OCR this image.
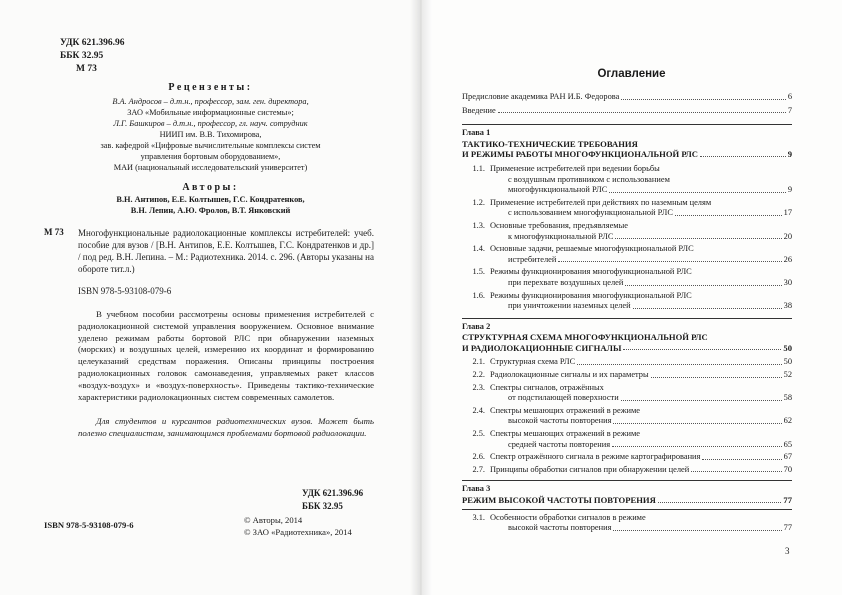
УДК 621.396.96
ББК 32.95
М 73
Рецензенты:
В.А. Андросов – д.т.н., профессор, зам. ген. директора,
ЗАО «Мобильные информационные системы»;
Л.Г. Башкиров – д.т.н., профессор, гл. науч. сотрудник
НИИП им. В.В. Тихомирова,
зав. кафедрой «Цифровые вычислительные комплексы систем
управления бортовым оборудованием»,
МАИ (национальный исследовательский университет)
Авторы:
В.Н. Антипов, Е.Е. Колтышев, Г.С. Кондратенков,
В.Н. Лепин, А.Ю. Фролов, В.Т. Янковский
М 73 Многофункциональные радиолокационные комплексы истребителей: учеб. пособие для вузов / [В.Н. Антипов, Е.Е. Колтышев, Г.С. Кондратенков и др.] / под ред. В.Н. Лепина. – М.: Радиотехника. 2014. с. 296. (Авторы указаны на обороте тит.л.)
ISBN 978-5-93108-079-6

В учебном пособии рассмотрены основы применения истребителей с радиолокационной системой управления вооружением. Основное внимание уделено режимам работы бортовой РЛС при обнаружении наземных (морских) и воздушных целей, измерению их координат и формированию целеуказаний средствам поражения. Описаны принципы построения радиолокационных головок самонаведения, управляемых ракет классов «воздух-воздух» и «воздух-поверхность». Приведены тактико-технические характеристики радиолокационных систем современных самолетов.

Для студентов и курсантов радиотехнических вузов. Может быть полезно специалистам, занимающимся проблемами бортовой радиолокации.
УДК 621.396.96
ББК 32.95
ISBN 978-5-93108-079-6	© Авторы, 2014
© ЗАО «Радиотехника», 2014
Оглавление
Предисловие академика РАН И.Б. Федорова	6
Введение	7
Глава 1
ТАКТИКО-ТЕХНИЧЕСКИЕ ТРЕБОВАНИЯ
И РЕЖИМЫ РАБОТЫ МНОГОФУНКЦИОНАЛЬНОЙ РЛС	9
1.1. Применение истребителей при ведении борьбы
с воздушным противником с использованием
многофункциональной РЛС	9
1.2. Применение истребителей при действиях по наземным целям
с использованием многофункциональной РЛС	17
1.3. Основные требования, предъявляемые
к многофункциональной РЛС	20
1.4. Основные задачи, решаемые многофункциональной РЛС
истребителей	26
1.5. Режимы функционирования многофункциональной РЛС
при перехвате воздушных целей	30
1.6. Режимы функционирования многофункциональной РЛС
при уничтожении наземных целей	38
Глава 2
СТРУКТУРНАЯ СХЕМА МНОГОФУНКЦИОНАЛЬНОЙ РЛС
И РАДИОЛОКАЦИОННЫЕ СИГНАЛЫ	50
2.1. Структурная схема РЛС	50
2.2. Радиолокационные сигналы и их параметры	52
2.3. Спектры сигналов, отражённых
от подстилающей поверхности	58
2.4. Спектры мешающих отражений в режиме
высокой частоты повторения	62
2.5. Спектры мешающих отражений в режиме
средней частоты повторения	65
2.6. Спектр отражённого сигнала в режиме картографирования	67
2.7. Принципы обработки сигналов при обнаружении целей	70
Глава 3
РЕЖИМ ВЫСОКОЙ ЧАСТОТЫ ПОВТОРЕНИЯ	77
3.1. Особенности обработки сигналов в режиме
высокой частоты повторения	77
3
